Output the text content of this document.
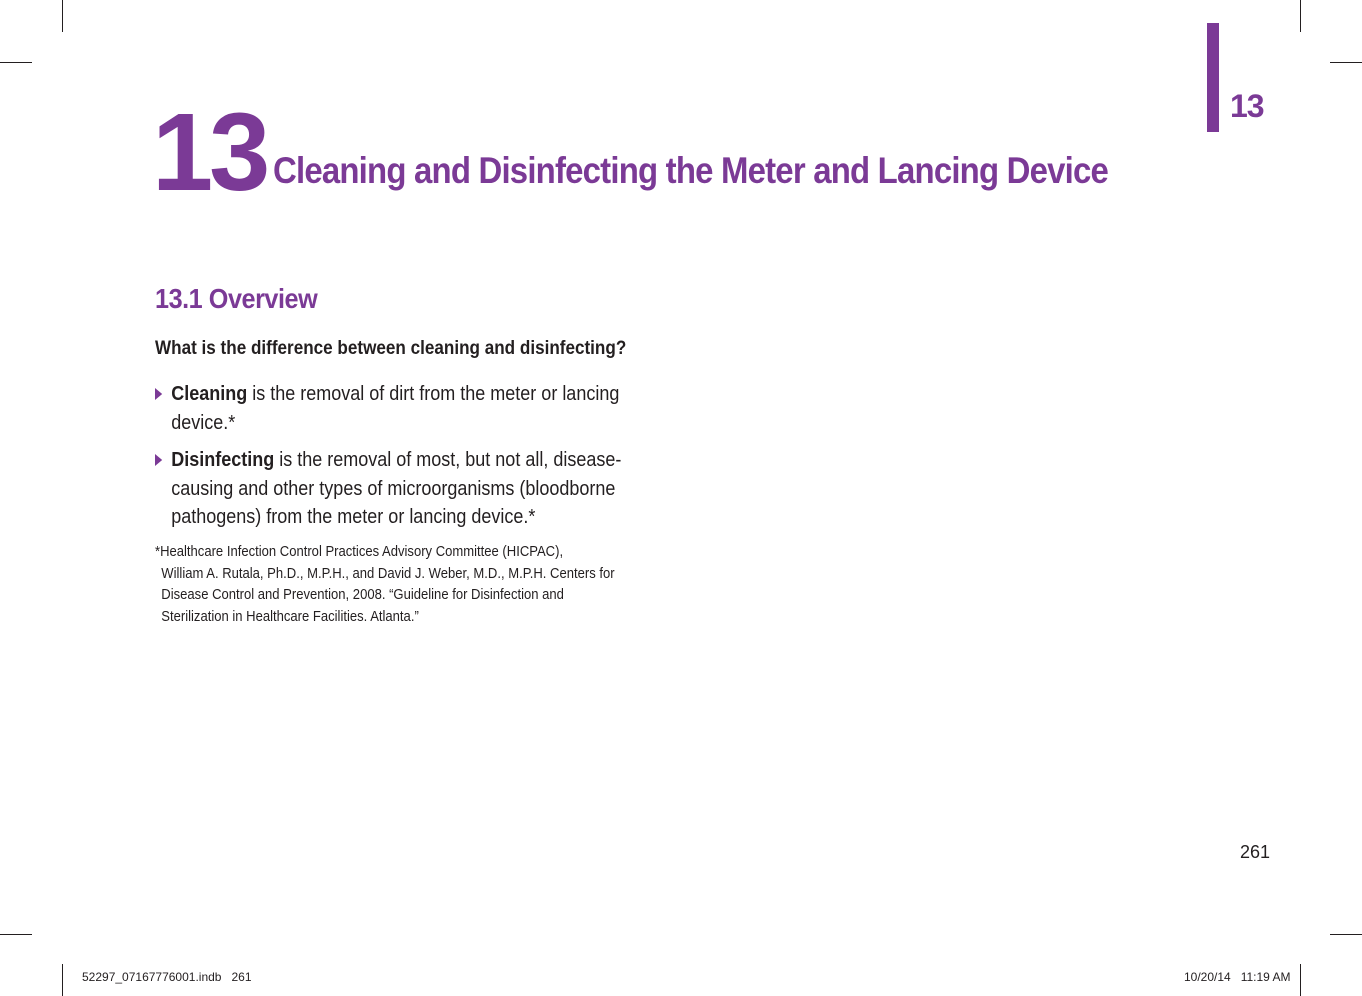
13
13 Cleaning and Disinfecting the Meter and Lancing Device
13.1 Overview
What is the difference between cleaning and disinfecting?
Cleaning is the removal of dirt from the meter or lancing device.*
Disinfecting is the removal of most, but not all, disease-causing and other types of microorganisms (bloodborne pathogens) from the meter or lancing device.*
*Healthcare Infection Control Practices Advisory Committee (HICPAC),
William A. Rutala, Ph.D., M.P.H., and David J. Weber, M.D., M.P.H. Centers for
Disease Control and Prevention, 2008. “Guideline for Disinfection and
Sterilization in Healthcare Facilities. Atlanta.”
261
52297_07167776001.indb   261	10/20/14   11:19 AM
